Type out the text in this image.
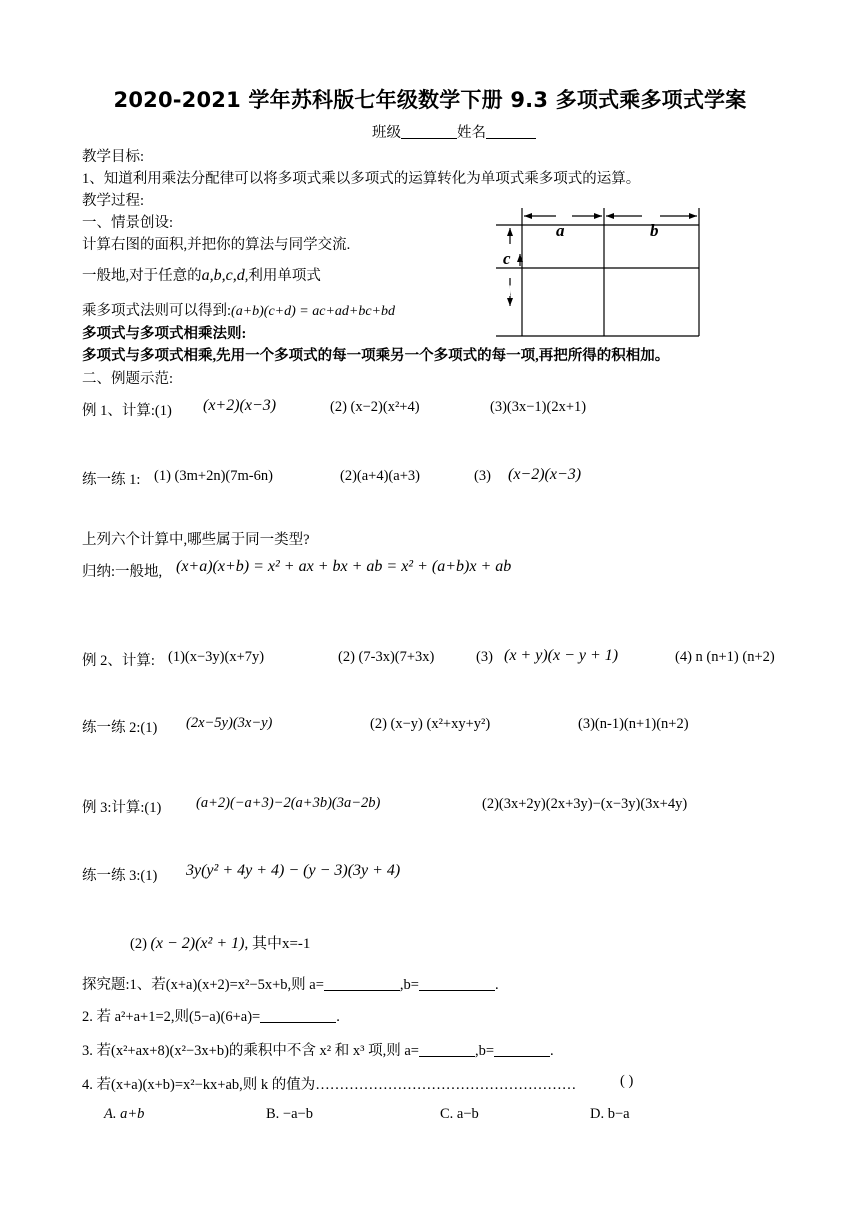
2020-2021 学年苏科版七年级数学下册 9.3 多项式乘多项式学案
班级	姓名
教学目标:
1、知道利用乘法分配律可以将多项式乘以多项式的运算转化为单项式乘多项式的运算。
教学过程:
一、情景创设:
计算右图的面积,并把你的算法与同学交流.
一般地,对于任意的a,b,c,d,利用单项式
乘多项式法则可以得到:(a+b)(c+d) = ac+ad+bc+bd
多项式与多项式相乘法则:
多项式与多项式相乘,先用一个多项式的每一项乘另一个多项式的每一项,再把所得的积相加。
a	b
c
d
二、例题示范:
例 1、计算:(1) (x+2)(x−3)	(2) (x−2)(x²+4)	(3)(3x−1)(2x+1)
练一练 1: (1) (3m+2n)(7m-6n)	(2)(a+4)(a+3)	(3) (x−2)(x−3)
上列六个计算中,哪些属于同一类型?
归纳:一般地, (x+a)(x+b) = x² + ax + bx + ab = x² + (a+b)x + ab
例 2、计算: (1)(x−3y)(x+7y)	(2) (7-3x)(7+3x)	(3) (x + y)(x − y + 1)	(4) n (n+1) (n+2)
练一练 2:(1) (2x−5y)(3x−y)	(2) (x−y) (x²+xy+y²)	(3)(n-1)(n+1)(n+2)
例 3:计算:(1) (a+2)(−a+3)−2(a+3b)(3a−2b)	(2)(3x+2y)(2x+3y)−(x−3y)(3x+4y)
练一练 3:(1) 3y(y² + 4y + 4) − (y − 3)(3y + 4)
(2) (x − 2)(x² + 1), 其中x=-1
探究题:1、若(x+a)(x+2)=x²−5x+b,则 a=	,b=	.
2. 若 a²+a+1=2,则(5−a)(6+a)=	.
3. 若(x²+ax+8)(x²−3x+b)的乘积中不含 x² 和 x³ 项,则 a=	,b=	.
4. 若(x+a)(x+b)=x²−kx+ab,则 k 的值为………………………………………………	( )
A. a+b	B. −a−b	C. a−b	D. b−a
